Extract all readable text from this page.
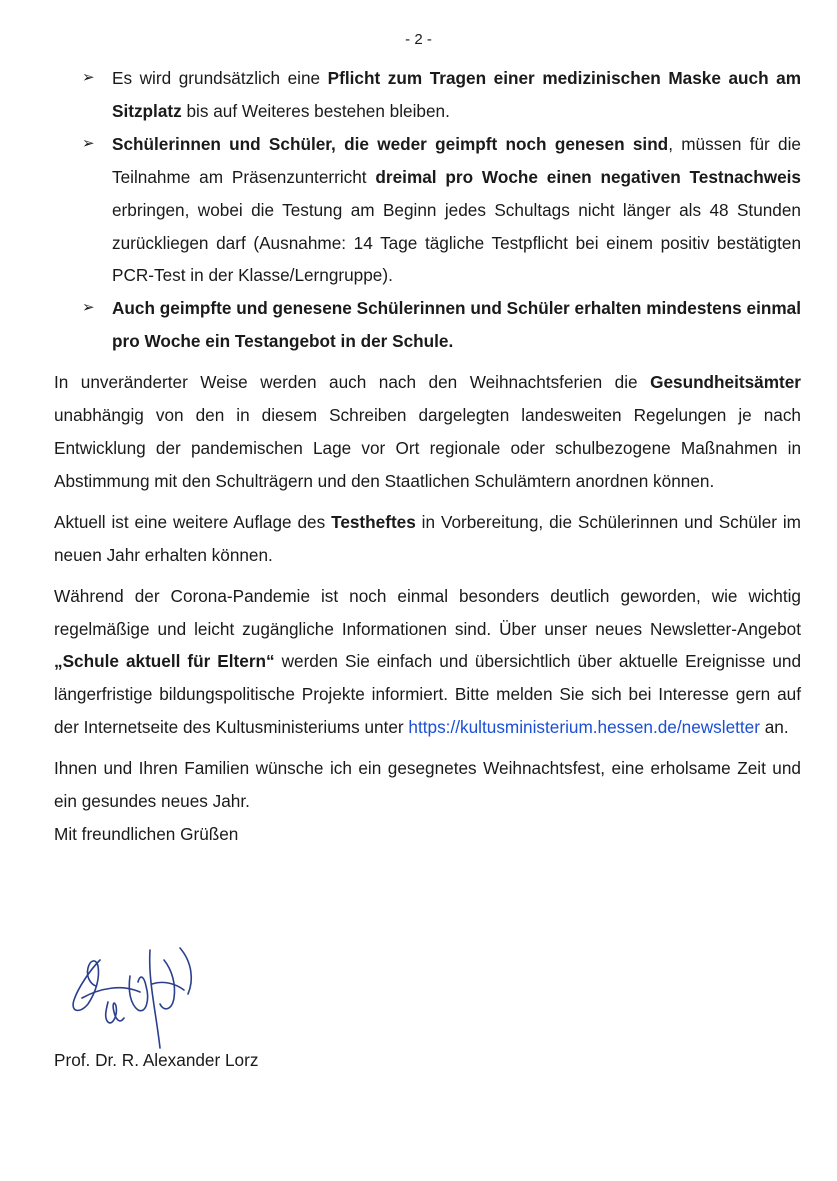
- 2 -
➢ Es wird grundsätzlich eine Pflicht zum Tragen einer medizinischen Maske auch am Sitzplatz bis auf Weiteres bestehen bleiben.
➢ Schülerinnen und Schüler, die weder geimpft noch genesen sind, müssen für die Teilnahme am Präsenzunterricht dreimal pro Woche einen negativen Testnachweis erbringen, wobei die Testung am Beginn jedes Schultags nicht länger als 48 Stunden zurückliegen darf (Ausnahme: 14 Tage tägliche Testpflicht bei einem positiv bestätigten PCR-Test in der Klasse/Lerngruppe).
➢ Auch geimpfte und genesene Schülerinnen und Schüler erhalten mindestens einmal pro Woche ein Testangebot in der Schule.

In unveränderter Weise werden auch nach den Weihnachtsferien die Gesundheitsämter unabhängig von den in diesem Schreiben dargelegten landesweiten Regelungen je nach Entwicklung der pandemischen Lage vor Ort regionale oder schulbezogene Maßnahmen in Abstimmung mit den Schulträgern und den Staatlichen Schulämtern anordnen können.

Aktuell ist eine weitere Auflage des Testheftes in Vorbereitung, die Schülerinnen und Schüler im neuen Jahr erhalten können.

Während der Corona-Pandemie ist noch einmal besonders deutlich geworden, wie wichtig regelmäßige und leicht zugängliche Informationen sind. Über unser neues Newsletter-Angebot „Schule aktuell für Eltern“ werden Sie einfach und übersichtlich über aktuelle Ereignisse und längerfristige bildungspolitische Projekte informiert. Bitte melden Sie sich bei Interesse gern auf der Internetseite des Kultusministeriums unter https://kultusministerium.hessen.de/newsletter an.

Ihnen und Ihren Familien wünsche ich ein gesegnetes Weihnachtsfest, eine erholsame Zeit und ein gesundes neues Jahr.

Mit freundlichen Grüßen

Prof. Dr. R. Alexander Lorz
